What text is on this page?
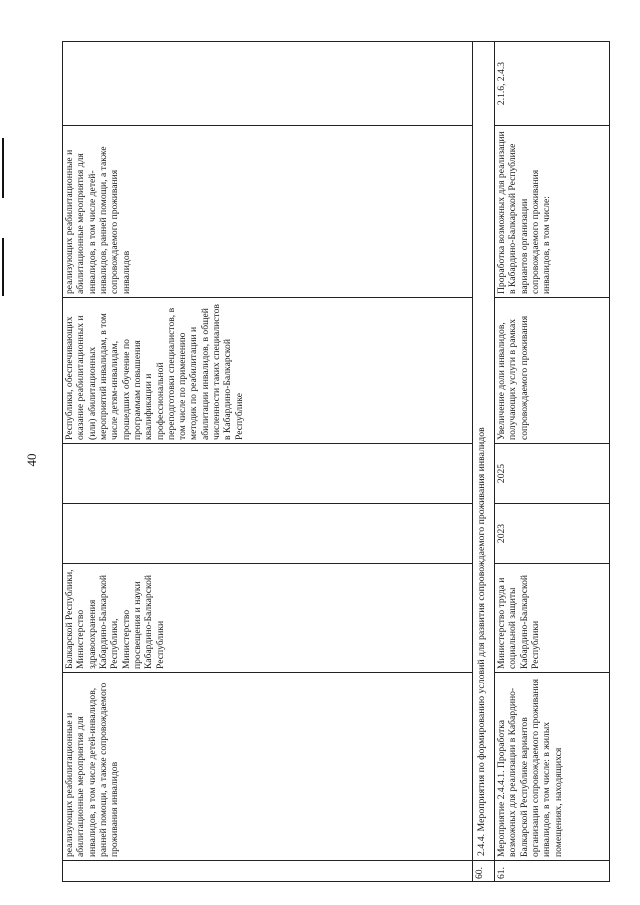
40
	реализующих реабилитационные и абилитационные мероприятия для инвалидов, в том числе детей-инвалидов, ранней помощи, а также сопровождаемого проживания инвалидов	Балкарской Республики, Министерство здравоохранения Кабардино-Балкарской Республики, Министерство просвещения и науки Кабардино-Балкарской Республики			Республики, обеспечивающих оказание реабилитационных и (или) абилитационных мероприятий инвалидам, в том числе детям-инвалидам, прошедших обучение по программам повышения квалификации и профессиональной переподготовки специалистов, в том числе по применению методик по реабилитации и абилитации инвалидов, в общей численности таких специалистов в Кабардино-Балкарской Республике	реализующих реабилитационные и абилитационные мероприятия для инвалидов, в том числе детей-инвалидов, ранней помощи, а также сопровождаемого проживания инвалидов	
60.	2.4.4. Мероприятия по формированию условий для развития сопровождаемого проживания инвалидов						
61.	Мероприятие 2.4.4.1. Проработка возможных для реализации в Кабардино-Балкарской Республике вариантов организации сопровождаемого проживания инвалидов, в том числе: в жилых помещениях, находящихся	Министерство труда и социальной защиты Кабардино-Балкарской Республики	2023	2025	Увеличение доли инвалидов, получающих услуги в рамках сопровождаемого проживания	Проработка возможных для реализации в Кабардино-Балкарской Республике вариантов организации сопровождаемого проживания инвалидов, в том числе:	2.1.6, 2.4.3
